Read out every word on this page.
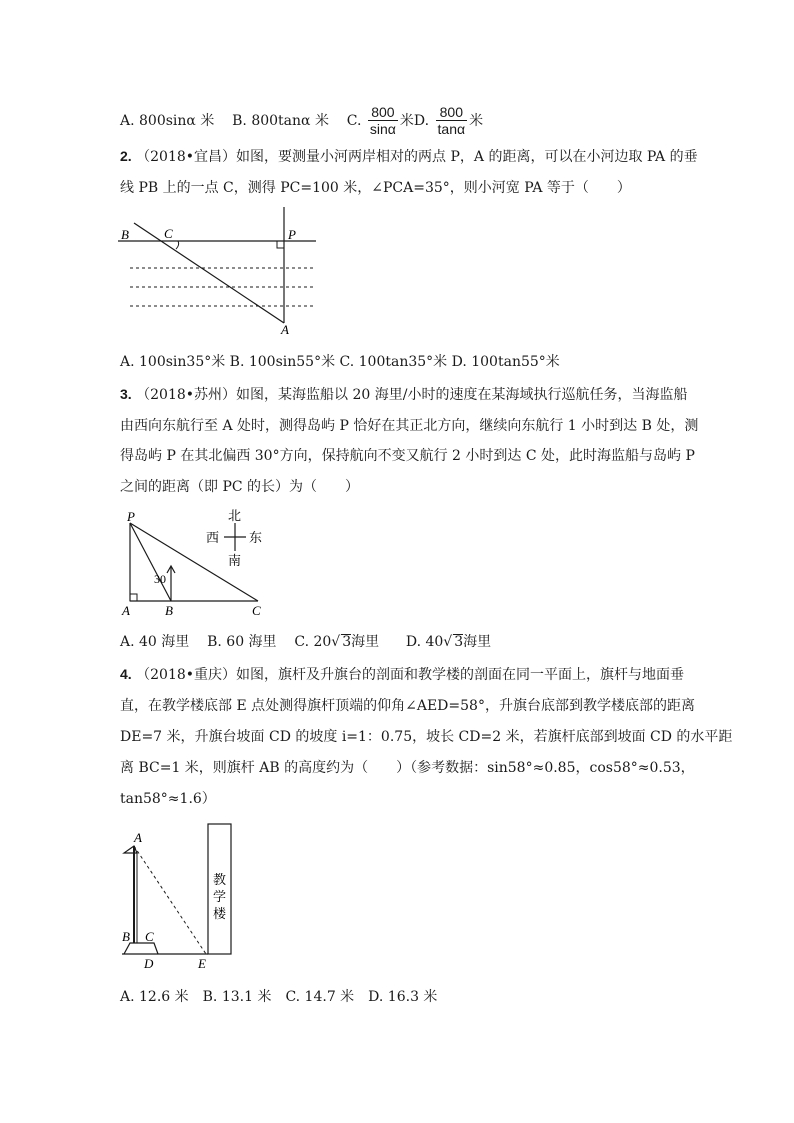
A. 800sinα 米 B. 800tanα 米 C. $\frac{800}{\sin\alpha}$ 米D. $\frac{800}{\tan\alpha}$ 米
2. （2018•宜昌）如图，要测量小河两岸相对的两点 P，A 的距离，可以在小河边取 PA 的垂
线 PB 上的一点 C，测得 PC=100 米，∠PCA=35°，则小河宽 PA 等于（　　）
B	C	P
A
A. 100sin35°米 B. 100sin55°米 C. 100tan35°米 D. 100tan55°米
3. （2018•苏州）如图，某海监船以 20 海里/小时的速度在某海域执行巡航任务，当海监船
由西向东航行至 A 处时，测得岛屿 P 恰好在其正北方向，继续向东航行 1 小时到达 B 处，测
得岛屿 P 在其北偏西 30°方向，保持航向不变又航行 2 小时到达 C 处，此时海监船与岛屿 P
之间的距离（即 PC 的长）为（　　）
北
南
西 东
30
P
A	B	C
A. 40 海里 B. 60 海里 C. 20√ 3海里 D. 40√ 3海里
4. （2018•重庆）如图，旗杆及升旗台的剖面和教学楼的剖面在同一平面上，旗杆与地面垂
直，在教学楼底部 E 点处测得旗杆顶端的仰角∠AED=58°，升旗台底部到教学楼底部的距离
DE=7 米，升旗台坡面 CD 的坡度 i=1：0.75，坡长 CD=2 米，若旗杆底部到坡面 CD 的水平距
离 BC=1 米，则旗杆 AB 的高度约为（　　）（参考数据：sin58°≈0.85，cos58°≈0.53，
tan58°≈1.6）
教
学
楼
A
B C
D	E
A. 12.6 米　B. 13.1 米　C. 14.7 米　D. 16.3 米
